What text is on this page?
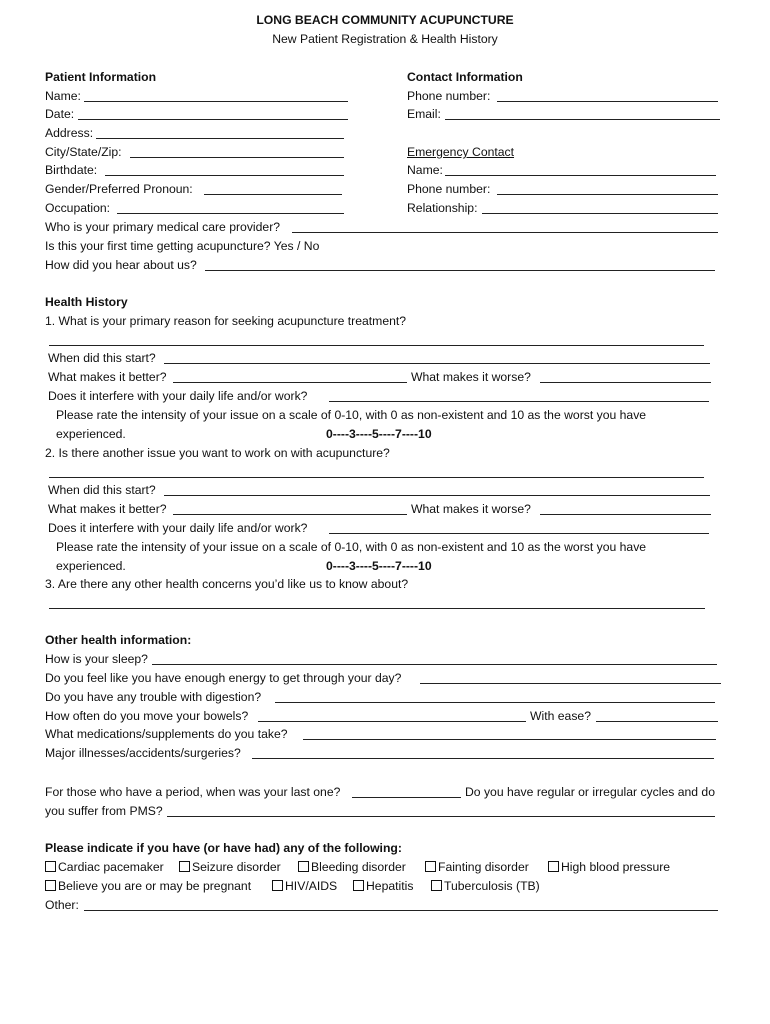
LONG BEACH COMMUNITY ACUPUNCTURE
New Patient Registration & Health History
Patient Information
Name:
Date:
Address:
City/State/Zip:
Birthdate:
Gender/Preferred Pronoun:
Occupation:
Contact Information
Phone number:
Email:
Emergency Contact
Name:
Phone number:
Relationship:
Who is your primary medical care provider?
Is this your first time getting acupuncture? Yes / No
How did you hear about us?
Health History
1. What is your primary reason for seeking acupuncture treatment?
When did this start?
What makes it better?	What makes it worse?
Does it interfere with your daily life and/or work?
Please rate the intensity of your issue on a scale of 0-10, with 0 as non-existent and 10 as the worst you have
experienced.	0----3----5----7----10
2. Is there another issue you want to work on with acupuncture?
When did this start?
What makes it better?	What makes it worse?
Does it interfere with your daily life and/or work?
Please rate the intensity of your issue on a scale of 0-10, with 0 as non-existent and 10 as the worst you have
experienced.	0----3----5----7----10
3. Are there any other health concerns you’d like us to know about?
Other health information:
How is your sleep?
Do you feel like you have enough energy to get through your day?
Do you have any trouble with digestion?
How often do you move your bowels?	With ease?
What medications/supplements do you take?
Major illnesses/accidents/surgeries?
For those who have a period, when was your last one?	Do you have regular or irregular cycles and do
you suffer from PMS?
Please indicate if you have (or have had) any of the following:
Cardiac pacemaker	Seizure disorder	Bleeding disorder	Fainting disorder	High blood pressure
Believe you are or may be pregnant	HIV/AIDS	Hepatitis	Tuberculosis (TB)
Other:
